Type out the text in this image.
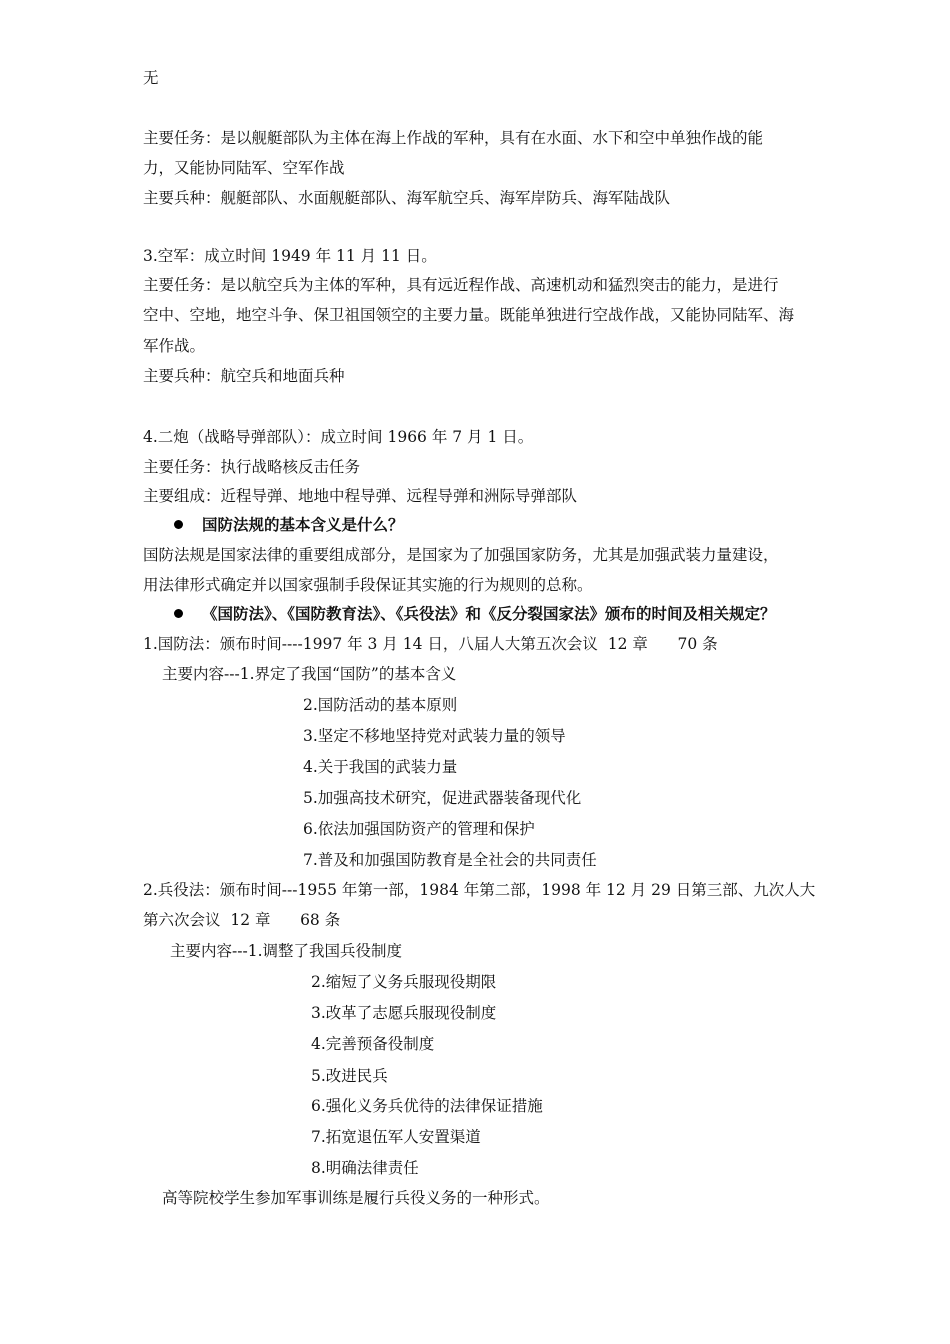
无
主要任务：是以舰艇部队为主体在海上作战的军种，具有在水面、水下和空中单独作战的能
力，又能协同陆军、空军作战
主要兵种：舰艇部队、水面舰艇部队、海军航空兵、海军岸防兵、海军陆战队
3.空军：成立时间 1949 年 11 月 11 日。
主要任务：是以航空兵为主体的军种，具有远近程作战、高速机动和猛烈突击的能力，是进行
空中、空地，地空斗争、保卫祖国领空的主要力量。既能单独进行空战作战，又能协同陆军、海
军作战。
主要兵种：航空兵和地面兵种
4.二炮（战略导弹部队）：成立时间 1966 年 7 月 1 日。
主要任务：执行战略核反击任务
主要组成：近程导弹、地地中程导弹、远程导弹和洲际导弹部队
国防法规的基本含义是什么？
国防法规是国家法律的重要组成部分，是国家为了加强国家防务，尤其是加强武装力量建设，
用法律形式确定并以国家强制手段保证其实施的行为规则的总称。
《国防法》、《国防教育法》、《兵役法》和《反分裂国家法》颁布的时间及相关规定？
1.国防法：颁布时间----1997 年 3 月 14 日，八届人大第五次会议  12 章      70 条
主要内容---1.界定了我国“国防”的基本含义
2.国防活动的基本原则
3.坚定不移地坚持党对武装力量的领导
4.关于我国的武装力量
5.加强高技术研究，促进武器装备现代化
6.依法加强国防资产的管理和保护
7.普及和加强国防教育是全社会的共同责任
2.兵役法：颁布时间---1955 年第一部，1984 年第二部，1998 年 12 月 29 日第三部、九次人大
第六次会议  12 章      68 条
主要内容---1.调整了我国兵役制度
2.缩短了义务兵服现役期限
3.改革了志愿兵服现役制度
4.完善预备役制度
5.改进民兵
6.强化义务兵优待的法律保证措施
7.拓宽退伍军人安置渠道
8.明确法律责任
高等院校学生参加军事训练是履行兵役义务的一种形式。
